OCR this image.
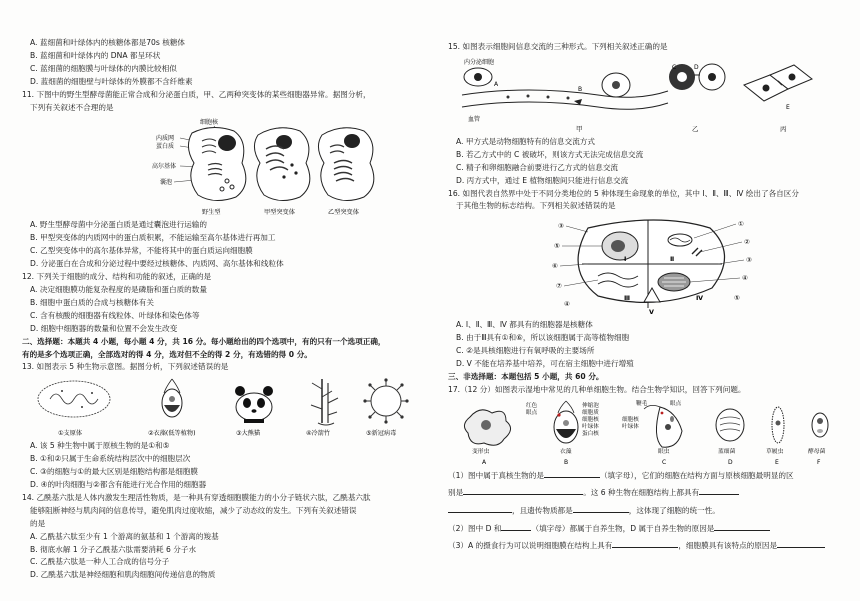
A. 蓝细菌和叶绿体内的核糖体都是70s 核糖体
B. 蓝细菌和叶绿体内的 DNA 都呈环状
C. 蓝细菌的细胞膜与叶绿体的内膜比较相似
D. 蓝细菌的细胞壁与叶绿体的外膜都不含纤维素
11. 下图中的野生型酵母菌能正常合成和分泌蛋白质，甲、乙两种突变体的某些细胞器异常。据图分析，
下列有关叙述不合理的是
细胞核
内质网
蛋白质
高尔基体
囊泡
野生型	甲型突变体	乙型突变体
A. 野生型酵母菌中分泌蛋白质是通过囊泡进行运输的
B. 甲型突变体的内质网中的蛋白质积累，不能运输至高尔基体进行再加工
C. 乙型突变体中的高尔基体异常，不能将其中的蛋白质运向细胞膜
D. 分泌蛋白在合成和分泌过程中要经过核糖体、内质网、高尔基体和线粒体
12. 下列关于细胞的成分、结构和功能的叙述，正确的是
A. 决定细胞膜功能复杂程度的是磷脂和蛋白质的数量
B. 细胞中蛋白质的合成与核糖体有关
C. 含有核酸的细胞器有线粒体、叶绿体和染色体等
D. 细胞中细胞器的数量和位置不会发生改变
二、选择题：本题共 4 小题，每小题 4 分，共 16 分。每小题给出的四个选项中，有的只有一个选项正确，
有的是多个选项正确，全部选对的得 4 分，选对但不全的得 2 分，有选错的得 0 分。
13. 如图表示 5 种生物示意图。据图分析，下列叙述错误的是
①支原体	②衣藻(低等植物)	③大熊猫	④冷箭竹	⑤新冠病毒
A. 该 5 种生物中属于原核生物的是①和⑤
B. ①和②只属于生命系统结构层次中的细胞层次
C. ③的细胞与①的最大区别是细胞结构都是细胞膜
D. ④的叶肉细胞与②都含有能进行光合作用的细胞器
14. 乙酰基六肽是人体内激发生理活性物质，是一种具有穿透细胞膜能力的小分子链状六肽，乙酰基六肽
能够阻断神经与肌肉间的信息传导，避免肌肉过度收缩，减少了动态纹的发生。下列有关叙述错误
的是
A. 乙酰基六肽至少有 1 个游离的氨基和 1 个游离的羧基
B. 彻底水解 1 分子乙酰基六肽需要消耗 6 分子水
C. 乙酰基六肽是一种人工合成的信号分子
D. 乙酰基六肽是神经细胞和肌肉细胞间传递信息的物质
15. 如图表示细胞间信息交流的三种形式。下列相关叙述正确的是
内分泌细胞
A
B
血管
C	D
E
甲	乙	丙
A. 甲方式是动物细胞特有的信息交流方式
B. 若乙方式中的 C 被破坏，则该方式无法完成信息交流
C. 精子和卵细胞融合前要进行乙方式的信息交流
D. 丙方式中，通过 E 植物细胞间只能进行信息交流
16. 如图代表自然界中处于不同分类地位的 5 种体现生命现象的单位，其中 Ⅰ、Ⅱ、Ⅲ、Ⅳ 绘出了各自区分
于其他生物的标志结构。下列相关叙述错误的是
③
⑤
⑥
⑦
④
①
②
③
④
⑤
Ⅰ	Ⅱ
Ⅲ	Ⅳ
Ⅴ
A. Ⅰ、Ⅱ、Ⅲ、Ⅳ 都具有的细胞器是核糖体
B. 由于Ⅲ具有①和⑥，所以该细胞属于高等植物细胞
C. ②是具核细胞进行有氧呼吸的主要场所
D. Ⅴ 不能在培养基中培养，可在宿主细胞中进行增殖
三、非选择题：本题包括 5 小题，共 60 分。
17.（12 分）如图表示湿地中常见的几种单细胞生物。结合生物学知识，回答下列问题。
红色
眼点
伸缩泡
细胞质
细胞核
叶绿体
蛋白核
鞭毛	眼点
细胞核
叶绿体
变形虫	衣藻	眼虫	蓝细菌	草履虫	酵母菌
A	B	C	D	E	F
（1）图中属于真核生物的是	（填字母），它们的细胞在结构方面与原核细胞最明显的区
别是	。这 6 种生物在细胞结构上都具有
，且遗传物质都是	，这体现了细胞的统一性。
（2）图中 D 和	（填字母）都属于自养生物，D 属于自养生物的原因是
（3）A 的摄食行为可以说明细胞膜在结构上具有	，细胞膜具有该特点的原因是
